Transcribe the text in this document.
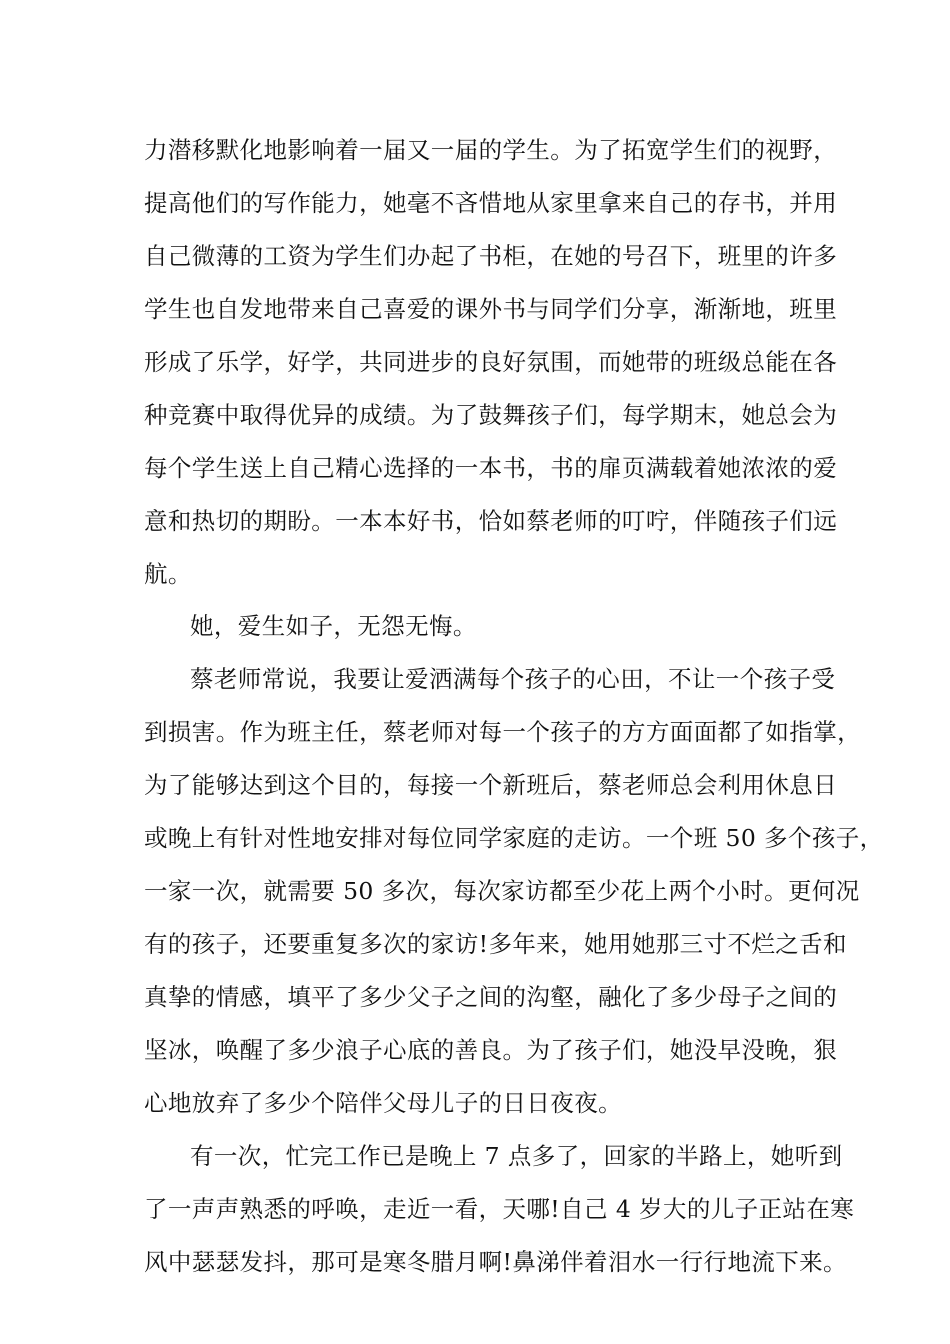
力潜移默化地影响着一届又一届的学生。为了拓宽学生们的视野，
提高他们的写作能力，她毫不吝惜地从家里拿来自己的存书，并用
自己微薄的工资为学生们办起了书柜，在她的号召下，班里的许多
学生也自发地带来自己喜爱的课外书与同学们分享，渐渐地，班里
形成了乐学，好学，共同进步的良好氛围，而她带的班级总能在各
种竞赛中取得优异的成绩。为了鼓舞孩子们，每学期末，她总会为
每个学生送上自己精心选择的一本书，书的扉页满载着她浓浓的爱
意和热切的期盼。一本本好书，恰如蔡老师的叮咛，伴随孩子们远
航。
她，爱生如子，无怨无悔。
蔡老师常说，我要让爱洒满每个孩子的心田，不让一个孩子受
到损害。作为班主任，蔡老师对每一个孩子的方方面面都了如指掌，
为了能够达到这个目的，每接一个新班后，蔡老师总会利用休息日
或晚上有针对性地安排对每位同学家庭的走访。一个班 50 多个孩子，
一家一次，就需要 50 多次，每次家访都至少花上两个小时。更何况
有的孩子，还要重复多次的家访!多年来，她用她那三寸不烂之舌和
真挚的情感，填平了多少父子之间的沟壑，融化了多少母子之间的
坚冰，唤醒了多少浪子心底的善良。为了孩子们，她没早没晚，狠
心地放弃了多少个陪伴父母儿子的日日夜夜。
有一次，忙完工作已是晚上 7 点多了，回家的半路上，她听到
了一声声熟悉的呼唤，走近一看，天哪!自己 4 岁大的儿子正站在寒
风中瑟瑟发抖，那可是寒冬腊月啊!鼻涕伴着泪水一行行地流下来。
